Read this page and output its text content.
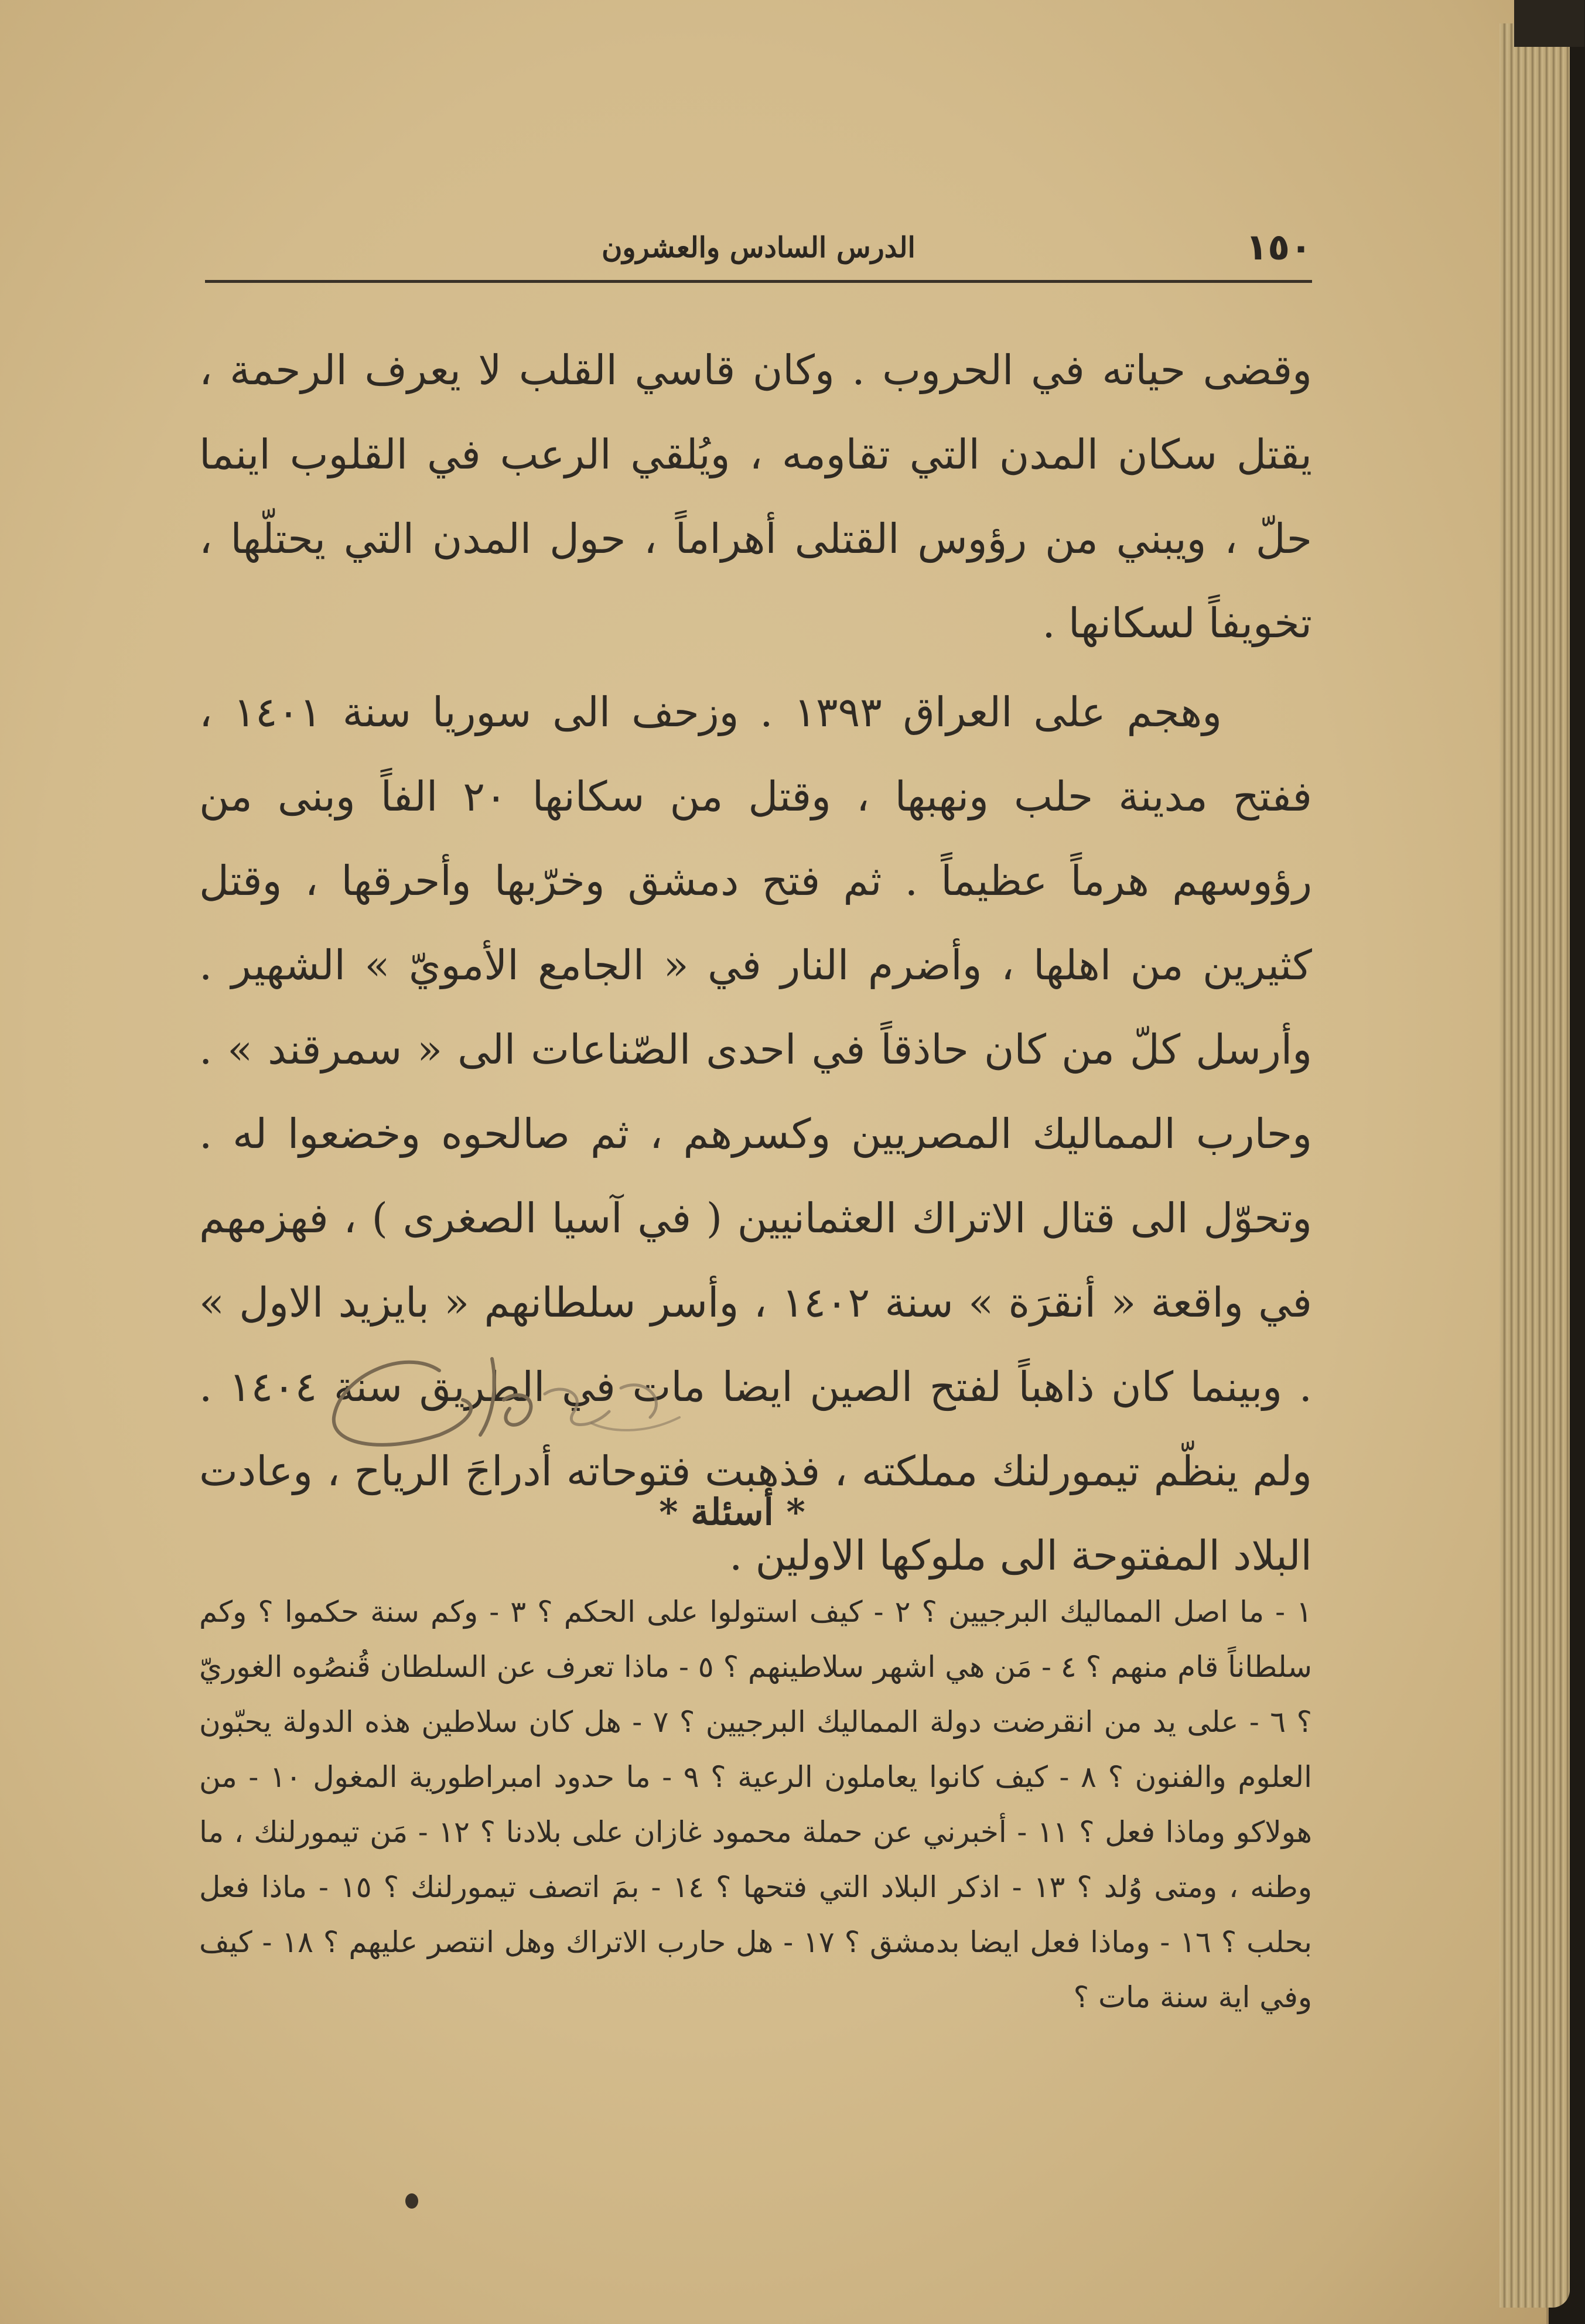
١٥٠
الدرس السادس والعشرون

وقضى حياته في الحروب . وكان قاسي القلب لا يعرف الرحمة ، يقتل سكان المدن التي تقاومه ، ويُلقي الرعب في القلوب اينما حلّ ، ويبني من رؤوس القتلى أهراماً ، حول المدن التي يحتلّها ، تخويفاً لسكانها .

وهجم على العراق ١٣٩٣ . وزحف الى سوريا سنة ١٤٠١ ، ففتح مدينة حلب ونهبها ، وقتل من سكانها ٢٠ الفاً وبنى من رؤوسهم هرماً عظيماً . ثم فتح دمشق وخرّبها وأحرقها ، وقتل كثيرين من اهلها ، وأضرم النار في « الجامع الأمويّ » الشهير . وأرسل كلّ من كان حاذقاً في احدى الصّناعات الى « سمرقند » . وحارب المماليك المصريين وكسرهم ، ثم صالحوه وخضعوا له . وتحوّل الى قتال الاتراك العثمانيين ( في آسيا الصغرى ) ، فهزمهم في واقعة « أنقرَة » سنة ١٤٠٢ ، وأسر سلطانهم « بايزيد الاول » . وبينما كان ذاهباً لفتح الصين ايضا مات في الطريق سنة ١٤٠٤ . ولم ينظّم تيمورلنك مملكته ، فذهبت فتوحاته أدراجَ الرياح ، وعادت البلاد المفتوحة الى ملوكها الاولين .

* أسئلة *

١ - ما اصل المماليك البرجيين ؟ ٢ - كيف استولوا على الحكم ؟ ٣ - وكم سنة حكموا ؟ وكم سلطاناً قام منهم ؟ ٤ - مَن هي اشهر سلاطينهم ؟ ٥ - ماذا تعرف عن السلطان قُنصُوه الغوريّ ؟ ٦ - على يد من انقرضت دولة المماليك البرجيين ؟ ٧ - هل كان سلاطين هذه الدولة يحبّون العلوم والفنون ؟ ٨ - كيف كانوا يعاملون الرعية ؟ ٩ - ما حدود امبراطورية المغول ١٠ - من هولاكو وماذا فعل ؟ ١١ - أخبرني عن حملة محمود غازان على بلادنا ؟ ١٢ - مَن تيمورلنك ، ما وطنه ، ومتى وُلد ؟ ١٣ - اذكر البلاد التي فتحها ؟ ١٤ - بمَ اتصف تيمورلنك ؟ ١٥ - ماذا فعل بحلب ؟ ١٦ - وماذا فعل ايضا بدمشق ؟ ١٧ - هل حارب الاتراك وهل انتصر عليهم ؟ ١٨ - كيف وفي اية سنة مات ؟
